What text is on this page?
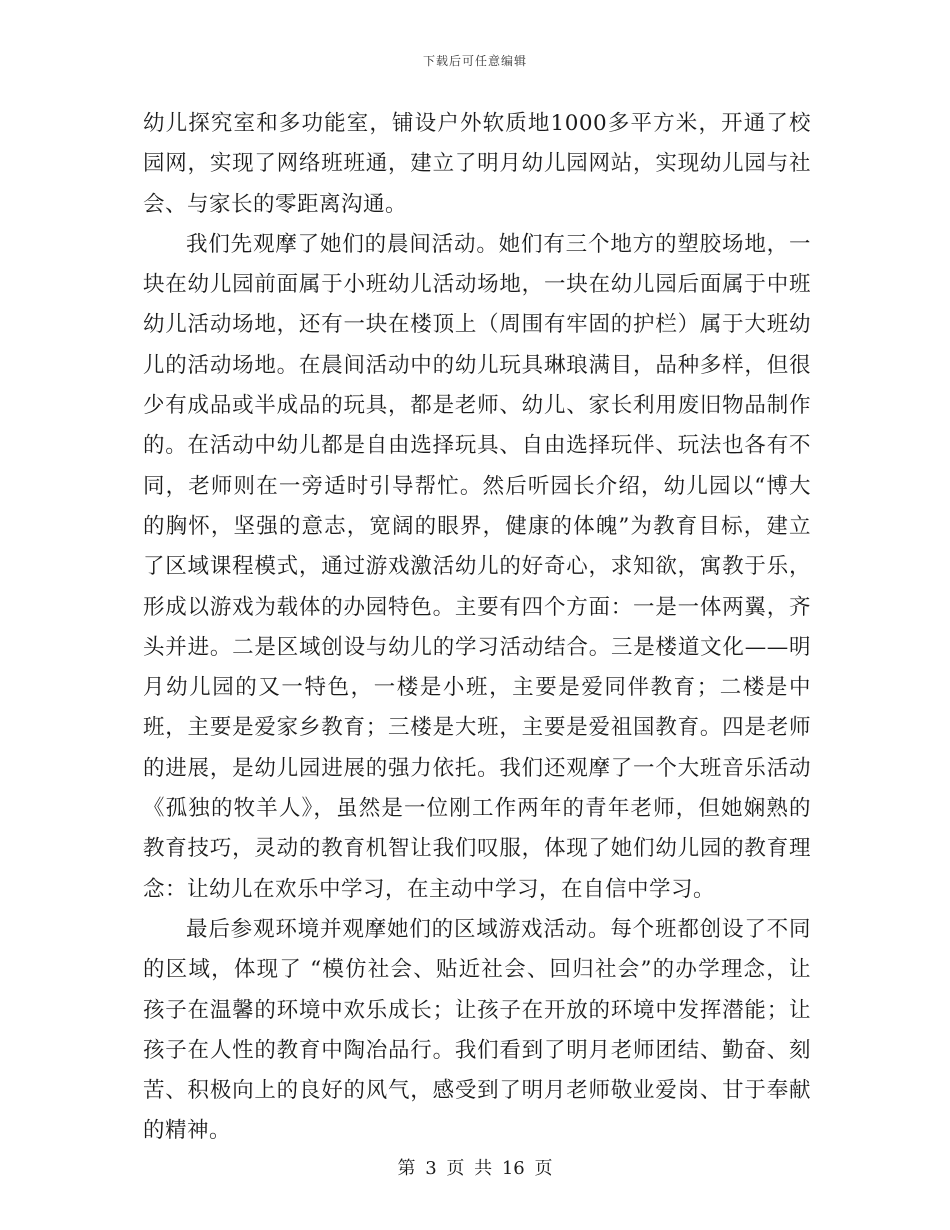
下载后可任意编辑

幼儿探究室和多功能室，铺设户外软质地1000多平方米，开通了校园网，实现了网络班班通，建立了明月幼儿园网站，实现幼儿园与社会、与家长的零距离沟通。

我们先观摩了她们的晨间活动。她们有三个地方的塑胶场地，一块在幼儿园前面属于小班幼儿活动场地，一块在幼儿园后面属于中班幼儿活动场地，还有一块在楼顶上（周围有牢固的护栏）属于大班幼儿的活动场地。在晨间活动中的幼儿玩具琳琅满目，品种多样，但很少有成品或半成品的玩具，都是老师、幼儿、家长利用废旧物品制作的。在活动中幼儿都是自由选择玩具、自由选择玩伴、玩法也各有不同，老师则在一旁适时引导帮忙。然后听园长介绍，幼儿园以“博大的胸怀，坚强的意志，宽阔的眼界，健康的体魄”为教育目标，建立了区域课程模式，通过游戏激活幼儿的好奇心，求知欲，寓教于乐，形成以游戏为载体的办园特色。主要有四个方面：一是一体两翼，齐头并进。二是区域创设与幼儿的学习活动结合。三是楼道文化——明月幼儿园的又一特色，一楼是小班，主要是爱同伴教育；二楼是中班，主要是爱家乡教育；三楼是大班，主要是爱祖国教育。四是老师的进展，是幼儿园进展的强力依托。我们还观摩了一个大班音乐活动《孤独的牧羊人》，虽然是一位刚工作两年的青年老师，但她娴熟的教育技巧，灵动的教育机智让我们叹服，体现了她们幼儿园的教育理念：让幼儿在欢乐中学习，在主动中学习，在自信中学习。

最后参观环境并观摩她们的区域游戏活动。每个班都创设了不同的区域，体现了 “模仿社会、贴近社会、回归社会”的办学理念，让孩子在温馨的环境中欢乐成长；让孩子在开放的环境中发挥潜能；让孩子在人性的教育中陶冶品行。我们看到了明月老师团结、勤奋、刻苦、积极向上的良好的风气，感受到了明月老师敬业爱岗、甘于奉献的精神。

第 3 页 共 16 页
